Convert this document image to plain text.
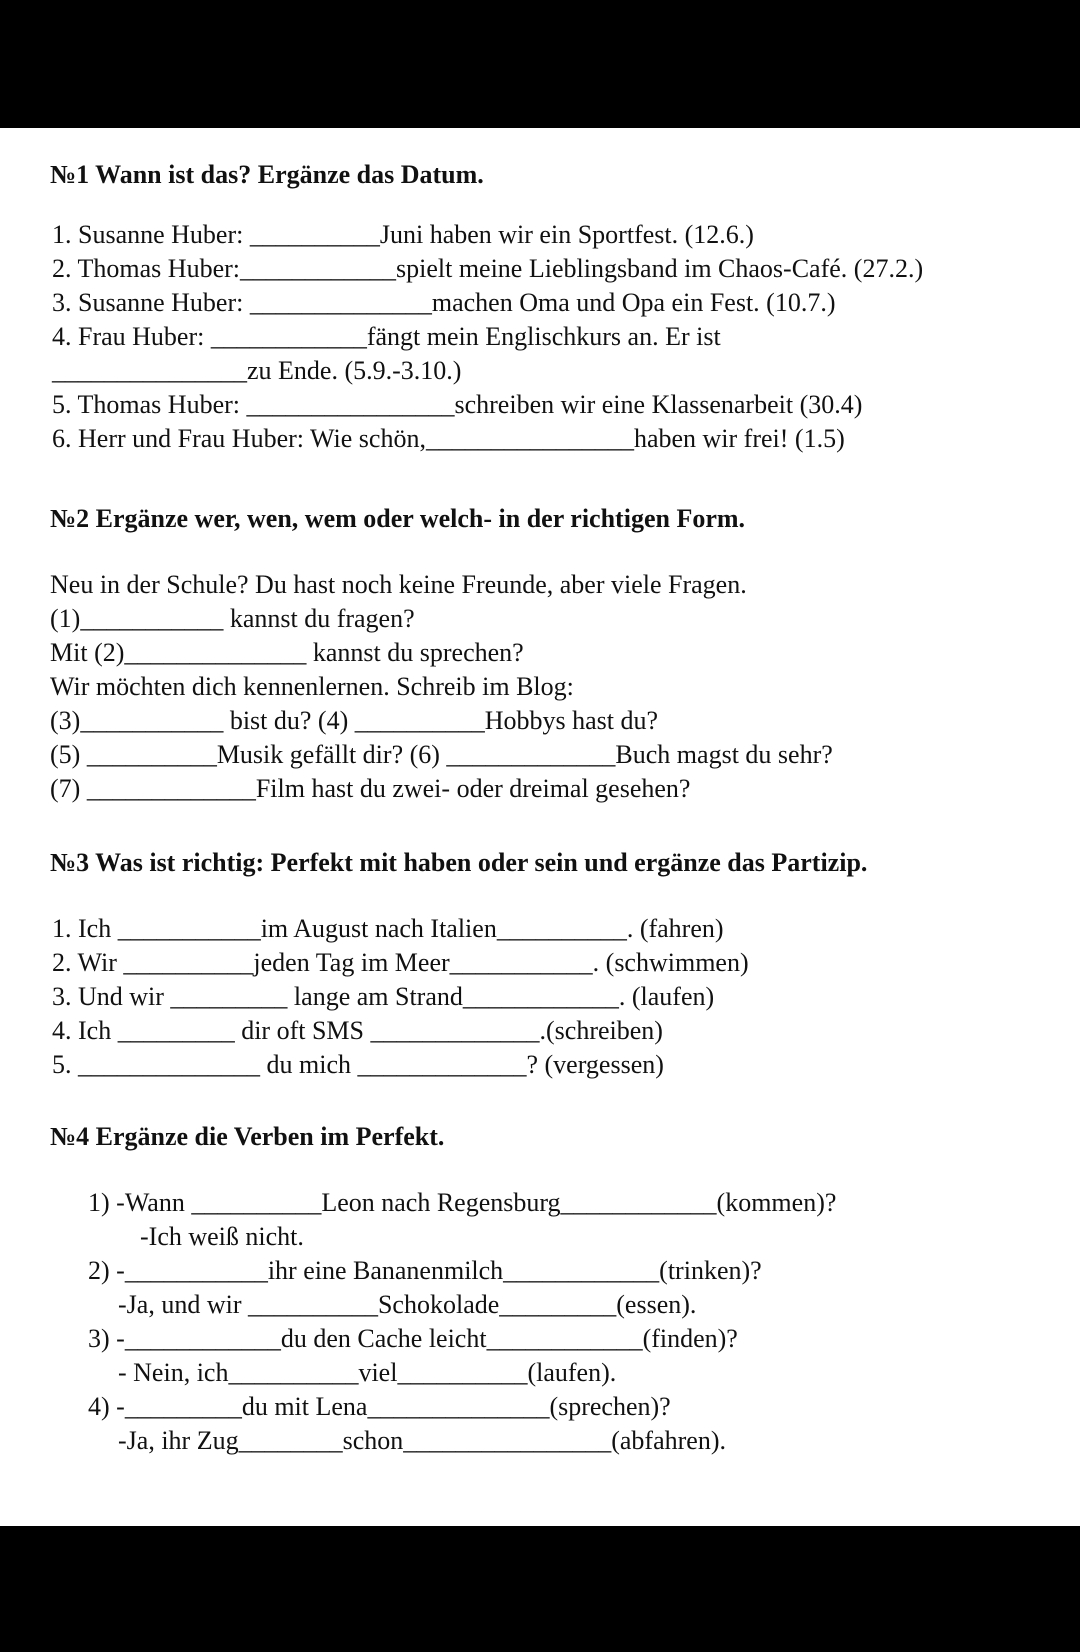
№1 Wann ist das? Ergänze das Datum.
1. Susanne Huber: __________Juni haben wir ein Sportfest. (12.6.)
2. Thomas Huber:____________spielt meine Lieblingsband im Chaos-Café. (27.2.)
3. Susanne Huber: ______________machen Oma und Opa ein Fest. (10.7.)
4. Frau Huber: ____________fängt mein Englischkurs an. Er ist
_______________zu Ende. (5.9.-3.10.)
5. Thomas Huber: ________________schreiben wir eine Klassenarbeit (30.4)
6. Herr und Frau Huber: Wie schön,________________haben wir frei! (1.5)
№2 Ergänze wer, wen, wem oder welch- in der richtigen Form.
Neu in der Schule? Du hast noch keine Freunde, aber viele Fragen.
(1)___________ kannst du fragen?
Mit (2)______________ kannst du sprechen?
Wir möchten dich kennenlernen. Schreib im Blog:
(3)___________ bist du? (4) __________Hobbys hast du?
(5) __________Musik gefällt dir? (6) _____________Buch magst du sehr?
(7) _____________Film hast du zwei- oder dreimal gesehen?
№3 Was ist richtig: Perfekt mit haben oder sein und ergänze das Partizip.
1. Ich ___________im August nach Italien__________. (fahren)
2. Wir __________jeden Tag im Meer___________. (schwimmen)
3. Und wir _________ lange am Strand____________. (laufen)
4. Ich _________ dir oft SMS _____________.(schreiben)
5. ______________ du mich _____________? (vergessen)
№4 Ergänze die Verben im Perfekt.
1) -Wann __________Leon nach Regensburg____________(kommen)?
-Ich weiß nicht.
2) -___________ihr eine Bananenmilch____________(trinken)?
-Ja, und wir __________Schokolade_________(essen).
3) -____________du den Cache leicht____________(finden)?
- Nein, ich__________viel__________(laufen).
4) -_________du mit Lena______________(sprechen)?
-Ja, ihr Zug________schon________________(abfahren).
